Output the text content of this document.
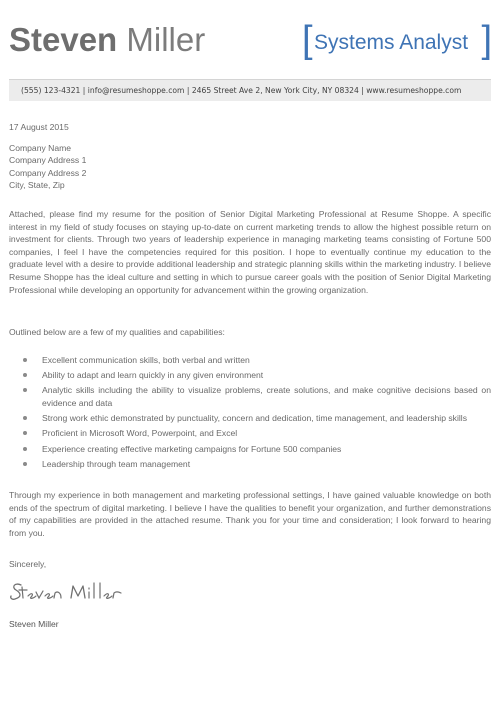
Steven Miller	[ Systems Analyst ]
(555) 123-4321 | info@resumeshoppe.com | 2465 Street Ave 2, New York City, NY 08324 | www.resumeshoppe.com
17 August 2015
Company Name
Company Address 1
Company Address 2
City, State, Zip

Attached, please find my resume for the position of Senior Digital Marketing Professional at Resume Shoppe. A specific interest in my field of study focuses on staying up-to-date on current marketing trends to allow the highest possible return on investment for clients. Through two years of leadership experience in managing marketing teams consisting of Fortune 500 companies, I feel I have the competencies required for this position. I hope to eventually continue my education to the graduate level with a desire to provide additional leadership and strategic planning skills within the marketing industry. I believe Resume Shoppe has the ideal culture and setting in which to pursue career goals with the position of Senior Digital Marketing Professional while developing an opportunity for advancement within the growing organization.

Outlined below are a few of my qualities and capabilities:

Excellent communication skills, both verbal and written
Ability to adapt and learn quickly in any given environment
Analytic skills including the ability to visualize problems, create solutions, and make cognitive decisions based on evidence and data
Strong work ethic demonstrated by punctuality, concern and dedication, time management, and leadership skills
Proficient in Microsoft Word, Powerpoint, and Excel
Experience creating effective marketing campaigns for Fortune 500 companies
Leadership through team management

Through my experience in both management and marketing professional settings, I have gained valuable knowledge on both ends of the spectrum of digital marketing. I believe I have the qualities to benefit your organization, and further demonstrations of my capabilities are provided in the attached resume. Thank you for your time and consideration; I look forward to hearing from you.

Sincerely,
Steven Miller
